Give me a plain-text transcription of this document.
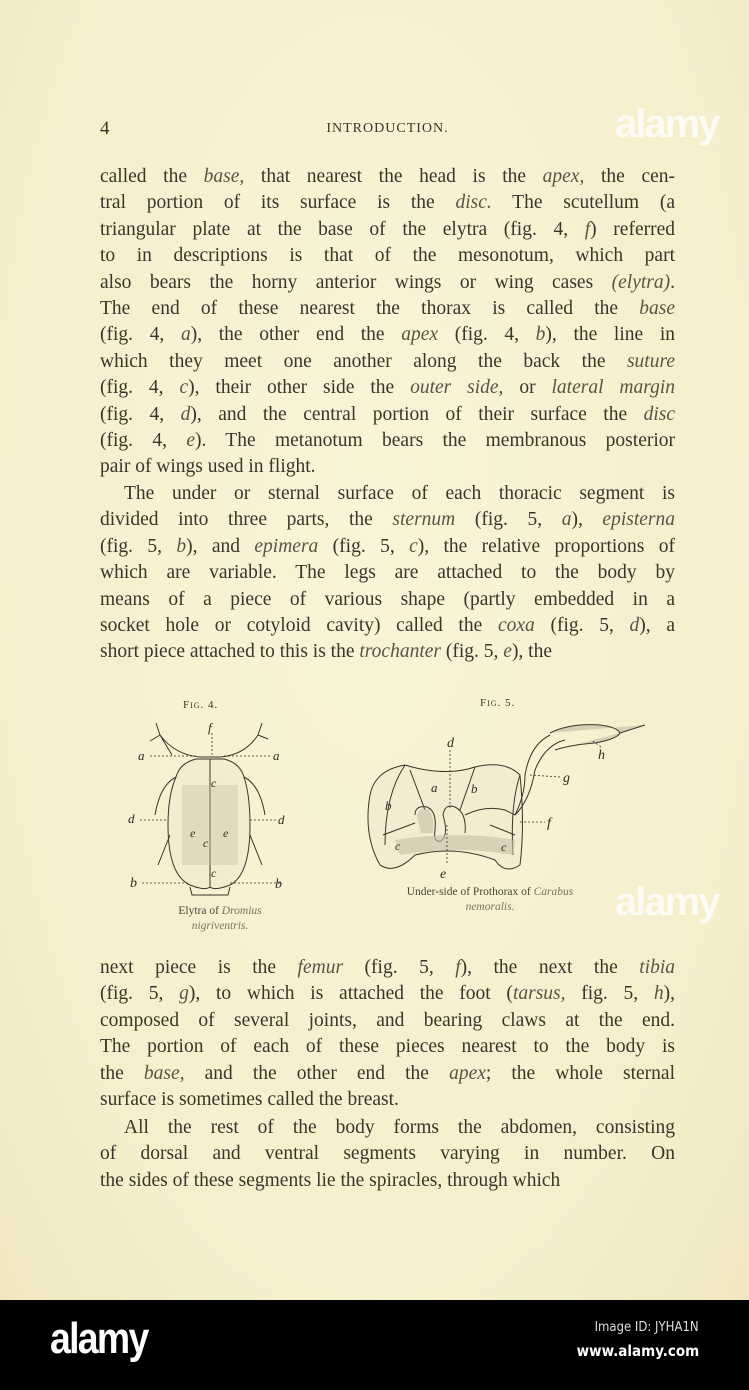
4	INTRODUCTION.
called the base, that nearest the head is the apex, the cen-
tral portion of its surface is the disc. The scutellum (a
triangular plate at the base of the elytra (fig. 4, f) referred
to in descriptions is that of the mesonotum, which part
also bears the horny anterior wings or wing cases (elytra).
The end of these nearest the thorax is called the base
(fig. 4, a), the other end the apex (fig. 4, b), the line in
which they meet one another along the back the suture
(fig. 4, c), their other side the outer side, or lateral margin
(fig. 4, d), and the central portion of their surface the disc
(fig. 4, e). The metanotum bears the membranous posterior
pair of wings used in flight.
The under or sternal surface of each thoracic segment is
divided into three parts, the sternum (fig. 5, a), episterna
(fig. 5, b), and epimera (fig. 5, c), the relative proportions of
which are variable. The legs are attached to the body by
means of a piece of various shape (partly embedded in a
socket hole or cotyloid cavity) called the coxa (fig. 5, d), a
short piece attached to this is the trochanter (fig. 5, e), the
Fig. 4.
f
a	a
d	d
b	b
c
c
c
e e
Elytra of Dromius
nigriventris.
Fig. 5.
d
a
b
b
c	c
e
f
g
h
Under-side of Prothorax of Carabus
nemoralis.
next piece is the femur (fig. 5, f), the next the tibia
(fig. 5, g), to which is attached the foot (tarsus, fig. 5, h),
composed of several joints, and bearing claws at the end.
The portion of each of these pieces nearest to the body is
the base, and the other end the apex; the whole sternal
surface is sometimes called the breast.
All the rest of the body forms the abdomen, consisting
of dorsal and ventral segments varying in number. On
the sides of these segments lie the spiracles, through which
alamy
alamy
alamy	Image ID: JYHA1N
www.alamy.com
